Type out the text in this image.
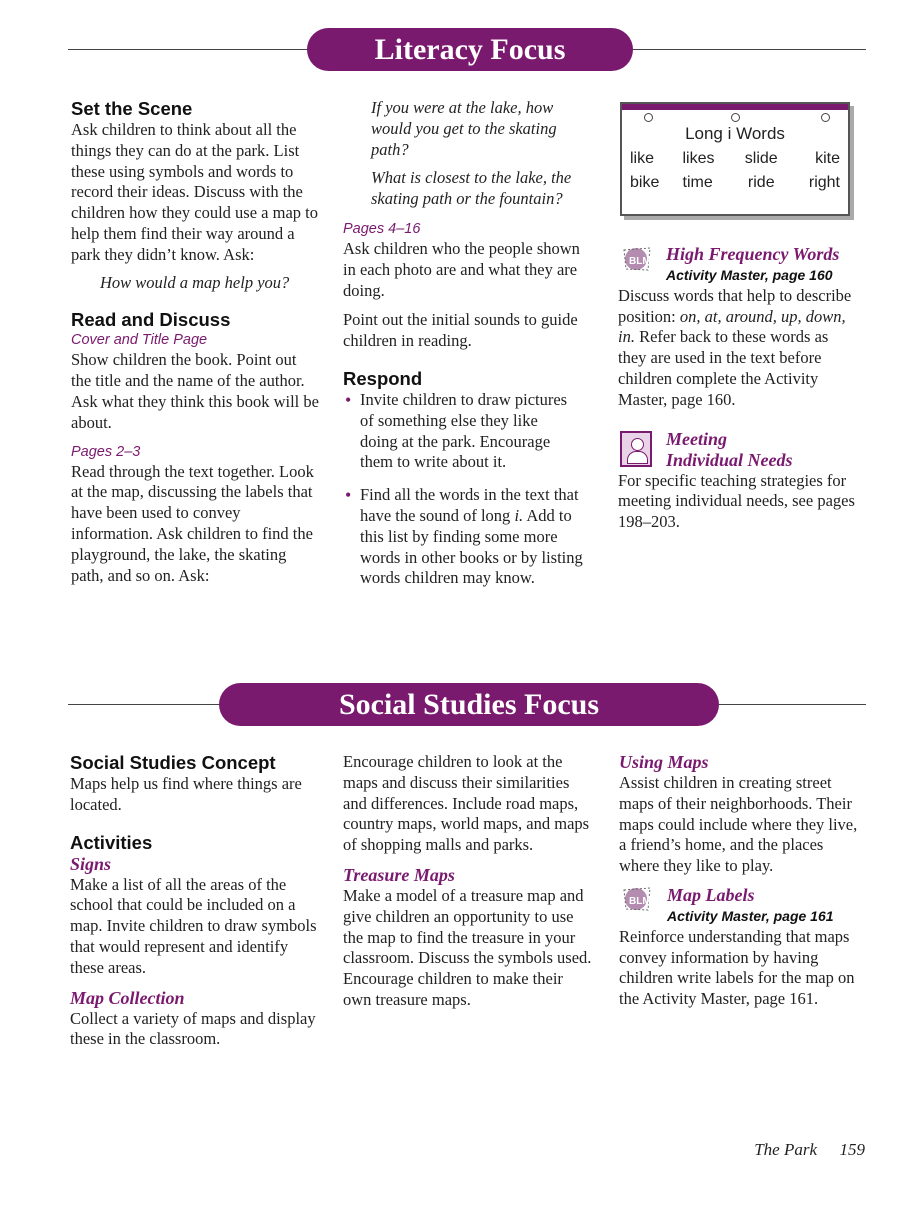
Literacy Focus
Set the Scene

Ask children to think about all the things they can do at the park. List these using symbols and words to record their ideas. Discuss with the children how they could use a map to help them find their way around a park they didn’t know. Ask:

How would a map help you?

Read and Discuss
Cover and Title Page

Show children the book. Point out the title and the name of the author. Ask what they think this book will be about.

Pages 2–3

Read through the text together. Look at the map, discussing the labels that have been used to convey information. Ask children to find the playground, the lake, the skating path, and so on. Ask:

If you were at the lake, how would you get to the skating path?

What is closest to the lake, the skating path or the fountain?

Pages 4–16

Ask children who the people shown in each photo are and what they are doing.

Point out the initial sounds to guide children in reading.

Respond
• Invite children to draw pictures of something else they like doing at the park. Encourage them to write about it.
• Find all the words in the text that have the sound of long i. Add to this list by finding some more words in other books or by listing words children may know.
Long i Words
like	likes	slide	kite
bike	time	ride	right
BLM High Frequency Words
Activity Master, page 160

Discuss words that help to describe position: on, at, around, up, down, in. Refer back to these words as they are used in the text before children complete the Activity Master, page 160.

Meeting
Individual Needs

For specific teaching strategies for meeting individual needs, see pages 198–203.

Social Studies Focus
Social Studies Concept

Maps help us find where things are located.

Activities
Signs

Make a list of all the areas of the school that could be included on a map. Invite children to draw symbols that would represent and identify these areas.

Map Collection

Collect a variety of maps and display these in the classroom.

Encourage children to look at the maps and discuss their similarities and differences. Include road maps, country maps, world maps, and maps of shopping malls and parks.

Treasure Maps

Make a model of a treasure map and give children an opportunity to use the map to find the treasure in your classroom. Discuss the symbols used. Encourage children to make their own treasure maps.

BLM
Using Maps

Assist children in creating street maps of their neighborhoods. Their maps could include where they live, a friend’s home, and the places where they like to play.

Map Labels
Activity Master, page 161

Reinforce understanding that maps convey information by having children write labels for the map on the Activity Master, page 161.

The Park 159
